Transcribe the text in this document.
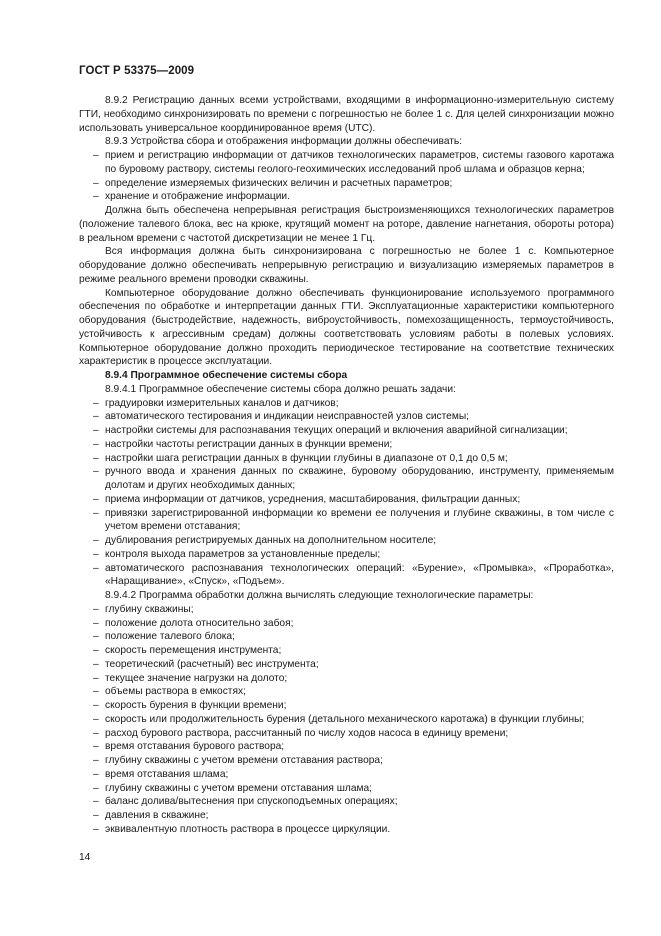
ГОСТ Р 53375—2009

8.9.2 Регистрацию данных всеми устройствами, входящими в информационно-измерительную систему ГТИ, необходимо синхронизировать по времени с погрешностью не более 1 с. Для целей синхронизации можно использовать универсальное координированное время (UTC).

8.9.3 Устройства сбора и отображения информации должны обеспечивать:

– прием и регистрацию информации от датчиков технологических параметров, системы газового каротажа по буровому раствору, системы геолого-геохимических исследований проб шлама и образцов керна;

– определение измеряемых физических величин и расчетных параметров;

– хранение и отображение информации.

Должна быть обеспечена непрерывная регистрация быстроизменяющихся технологических параметров (положение талевого блока, вес на крюке, крутящий момент на роторе, давление нагнетания, обороты ротора) в реальном времени с частотой дискретизации не менее 1 Гц.

Вся информация должна быть синхронизирована с погрешностью не более 1 с. Компьютерное оборудование должно обеспечивать непрерывную регистрацию и визуализацию измеряемых параметров в режиме реального времени проводки скважины.

Компьютерное оборудование должно обеспечивать функционирование используемого программного обеспечения по обработке и интерпретации данных ГТИ. Эксплуатационные характеристики компьютерного оборудования (быстродействие, надежность, виброустойчивость, помехозащищенность, термоустойчивость, устойчивость к агрессивным средам) должны соответствовать условиям работы в полевых условиях. Компьютерное оборудование должно проходить периодическое тестирование на соответствие технических характеристик в процессе эксплуатации.

8.9.4 Программное обеспечение системы сбора

8.9.4.1 Программное обеспечение системы сбора должно решать задачи:

– градуировки измерительных каналов и датчиков;

– автоматического тестирования и индикации неисправностей узлов системы;

– настройки системы для распознавания текущих операций и включения аварийной сигнализации;

– настройки частоты регистрации данных в функции времени;

– настройки шага регистрации данных в функции глубины в диапазоне от 0,1 до 0,5 м;

– ручного ввода и хранения данных по скважине, буровому оборудованию, инструменту, применяемым долотам и других необходимых данных;

– приема информации от датчиков, усреднения, масштабирования, фильтрации данных;

– привязки зарегистрированной информации ко времени ее получения и глубине скважины, в том числе с учетом времени отставания;

– дублирования регистрируемых данных на дополнительном носителе;

– контроля выхода параметров за установленные пределы;

– автоматического распознавания технологических операций: «Бурение», «Промывка», «Проработка», «Наращивание», «Спуск», «Подъем».

8.9.4.2 Программа обработки должна вычислять следующие технологические параметры:

– глубину скважины;

– положение долота относительно забоя;

– положение талевого блока;

– скорость перемещения инструмента;

– теоретический (расчетный) вес инструмента;

– текущее значение нагрузки на долото;

– объемы раствора в емкостях;

– скорость бурения в функции времени;

– скорость или продолжительность бурения (детального механического каротажа) в функции глубины;

– расход бурового раствора, рассчитанный по числу ходов насоса в единицу времени;

– время отставания бурового раствора;

– глубину скважины с учетом времени отставания раствора;

– время отставания шлама;

– глубину скважины с учетом времени отставания шлама;

– баланс долива/вытеснения при спускоподъемных операциях;

– давления в скважине;

– эквивалентную плотность раствора в процессе циркуляции.

14
